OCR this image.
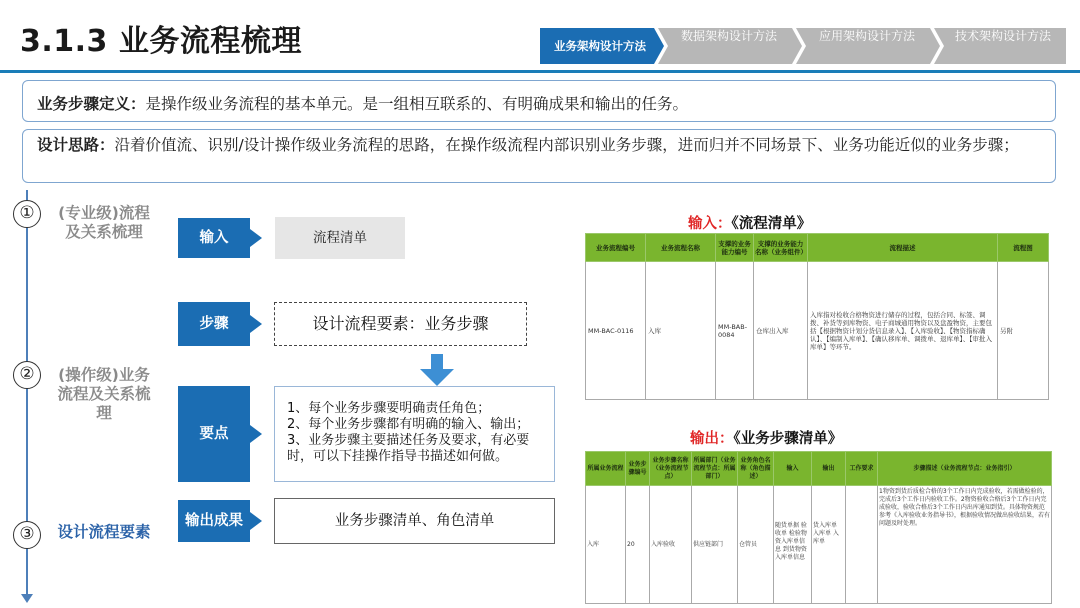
3.1.3 业务流程梳理	业务架构设计方法
数据架构设计方法	应用架构设计方法	技术架构设计方法
业务步骤定义：是操作级业务流程的基本单元。是一组相互联系的、有明确成果和输出的任务。
设计思路：沿着价值流、识别/设计操作级业务流程的思路，在操作级流程内部识别业务步骤，进而归并不同场景下、业务功能近似的业务步骤；
①	(专业级)流程及关系梳理
②	(操作级)业务流程及关系梳理
③	设计流程要素
输入	流程清单
步骤	设计流程要素：业务步骤
要点
1、每个业务步骤要明确责任角色；
2、每个业务步骤都有明确的输入、输出；
3、业务步骤主要描述任务及要求，有必要
时，可以下挂操作指导书描述如何做。
输出成果	业务步骤清单、角色清单
输入：《流程清单》
业务流程编号	业务流程名称	支撑的业务能力编号	支撑的业务能力名称（业务组件）	流程描述	流程图
MM-BAC-0116	入库	MM-BAB-0084	仓库出入库	入库指对检收合格物资进行储存的过程，包括合同、标签、调拨、补货等到库物资、电子商城通用物资以及盘盈物资，主要包括【根据物资计划分货信息录入】、【入库验收】、【物资指标确认】、【编制入库单】、【确认移库单、调拨单、退库单】、【审批入库单】等环节。	另附
输出：《业务步骤清单》
所属业务流程	业务步骤编号	业务步骤名称（业务流程节点）	所属部门（业务流程节点：所属部门）	业务角色名称（角色描述）	输入	输出	工作要求	步骤描述（业务流程节点：业务指引）
入库	20	入库验收	供应链部门	仓管员	随货单据 验收单 检验物资入库单信息 到货物资入库单信息	货入库单 入库单 入库单		1物资到货后质检合格的3个工作日内完成验收，若需做检验的，完成后3个工作日内验收工作。2物资验收合格后3个工作日内完成验收，验收合格后3个工作日内出库通知到货。具体物资规范参考《入库验收业务指导书》，根据验收情况做出验收结果，若有问题及时处理。
